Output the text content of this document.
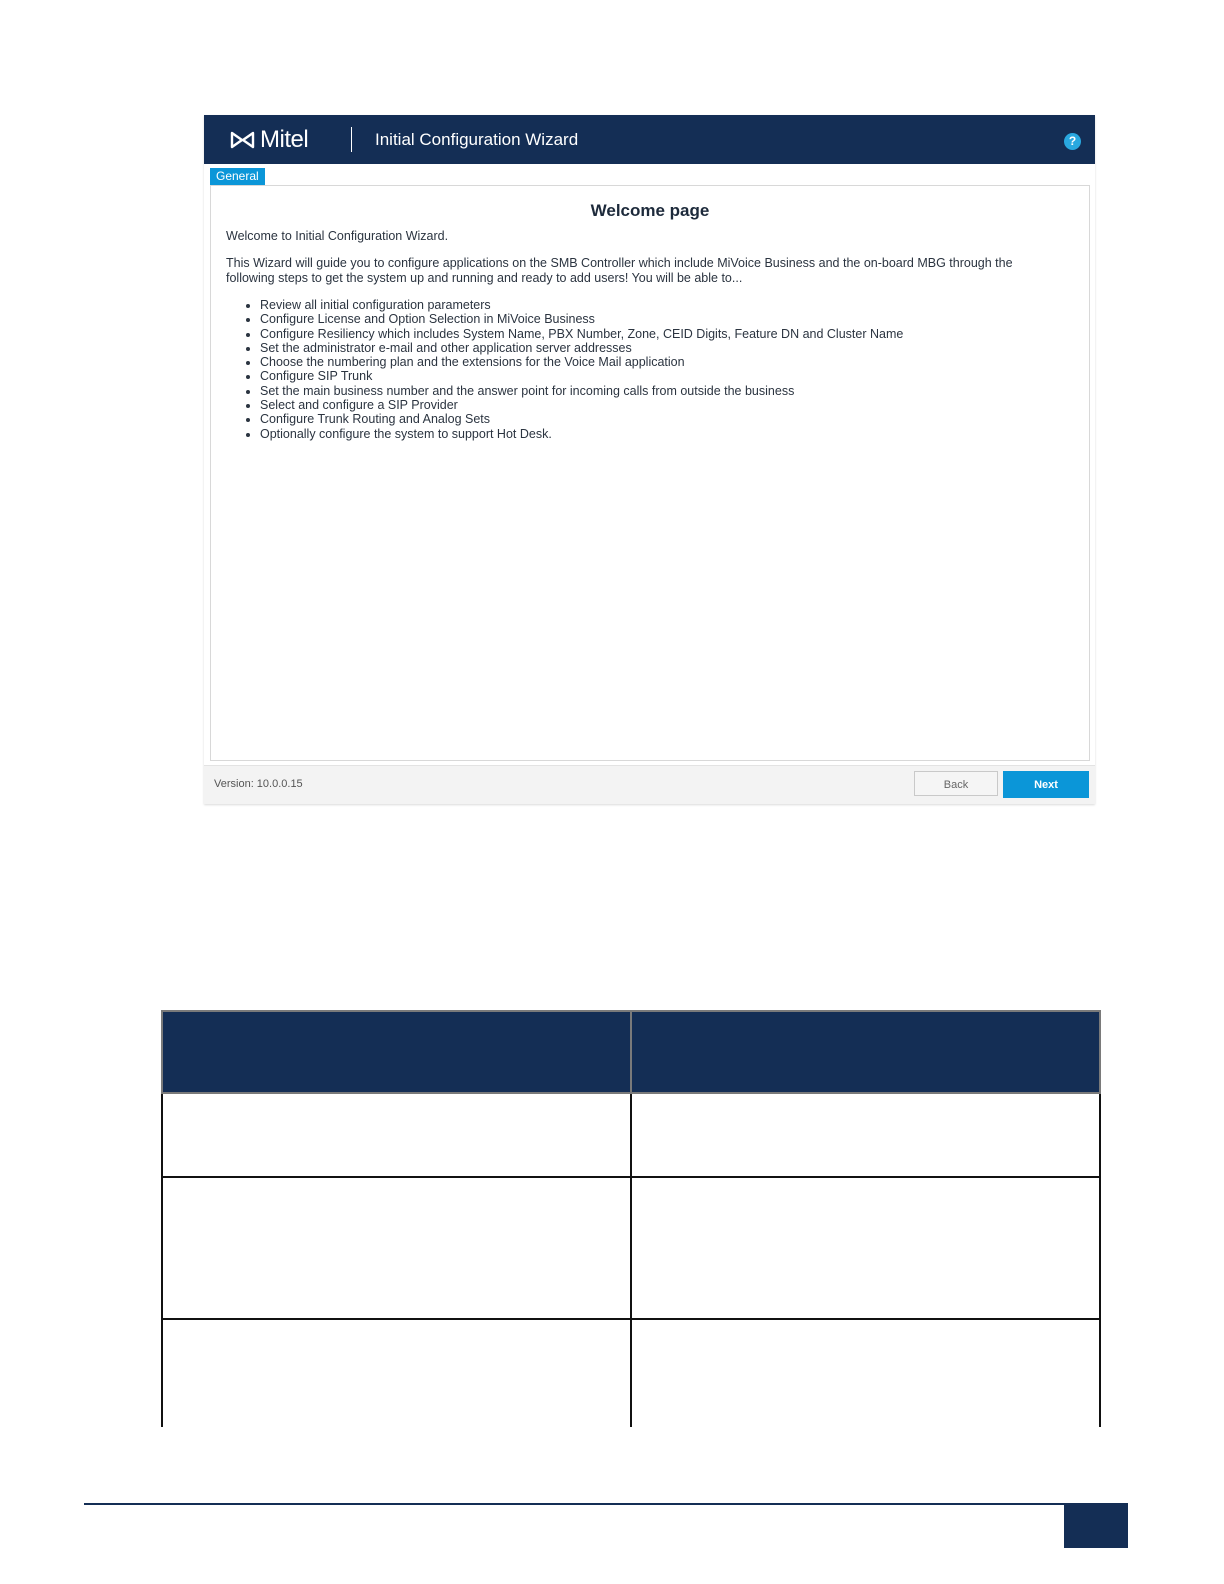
Mitel	Initial Configuration Wizard	?
General
Welcome page
Welcome to Initial Configuration Wizard.
This Wizard will guide you to configure applications on the SMB Controller which include MiVoice Business and the on-board MBG through the following steps to get the system up and running and ready to add users! You will be able to...
• Review all initial configuration parameters
• Configure License and Option Selection in MiVoice Business
• Configure Resiliency which includes System Name, PBX Number, Zone, CEID Digits, Feature DN and Cluster Name
• Set the administrator e-mail and other application server addresses
• Choose the numbering plan and the extensions for the Voice Mail application
• Configure SIP Trunk
• Set the main business number and the answer point for incoming calls from outside the business
• Select and configure a SIP Provider
• Configure Trunk Routing and Analog Sets
• Optionally configure the system to support Hot Desk.
Version: 10.0.0.15	Back	Next
